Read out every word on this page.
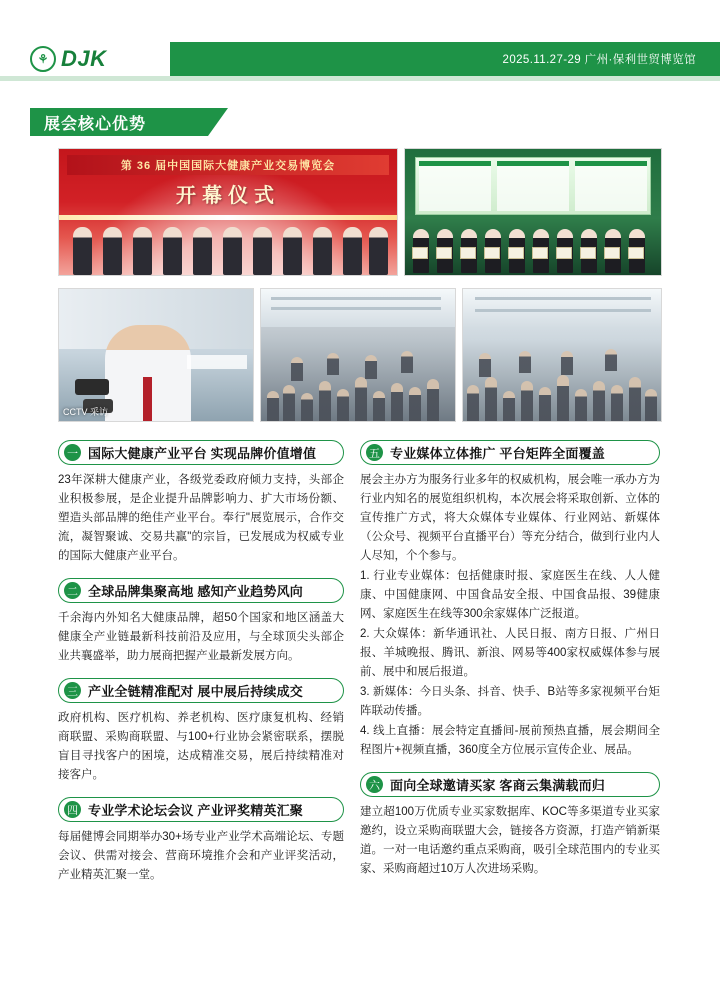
⚘ DJK	2025.11.27-29 广州·保利世贸博览馆
展会核心优势
第 36 届中国国际大健康产业交易博览会
开幕仪式
CCTV 采访
一 国际大健康产业平台 实现品牌价值增值

23年深耕大健康产业，各级党委政府倾力支持，头部企业积极参展，是企业提升品牌影响力、扩大市场份额、塑造头部品牌的绝佳产业平台。奉行"展览展示，合作交流，凝智聚诚、交易共赢"的宗旨，已发展成为权威专业的国际大健康产业平台。

二 全球品牌集聚高地 感知产业趋势风向

千余海内外知名大健康品牌，超50个国家和地区涵盖大健康全产业链最新科技前沿及应用，与全球顶尖头部企业共襄盛举，助力展商把握产业最新发展方向。

三 产业全链精准配对 展中展后持续成交

政府机构、医疗机构、养老机构、医疗康复机构、经销商联盟、采购商联盟、与100+行业协会紧密联系，摆脱盲目寻找客户的困境，达成精准交易，展后持续精准对接客户。

四 专业学术论坛会议 产业评奖精英汇聚

每届健博会同期举办30+场专业产业学术高端论坛、专题会议、供需对接会、营商环境推介会和产业评奖活动，产业精英汇聚一堂。

五 专业媒体立体推广 平台矩阵全面覆盖

展会主办方为服务行业多年的权威机构，展会唯一承办方为行业内知名的展览组织机构，本次展会将采取创新、立体的宣传推广方式，将大众媒体专业媒体、行业网站、新媒体（公众号、视频平台直播平台）等充分结合，做到行业内人人尽知，个个参与。

1. 行业专业媒体：包括健康时报、家庭医生在线、人人健康、中国健康网、中国食品安全报、中国食品报、39健康网、家庭医生在线等300余家媒体广泛报道。

2. 大众媒体：新华通讯社、人民日报、南方日报、广州日报、羊城晚报、腾讯、新浪、网易等400家权威媒体参与展前、展中和展后报道。

3. 新媒体：今日头条、抖音、快手、B站等多家视频平台矩阵联动传播。

4. 线上直播：展会特定直播间-展前预热直播，展会期间全程图片+视频直播，360度全方位展示宣传企业、展品。

六 面向全球邀请买家 客商云集满载而归

建立超100万优质专业买家数据库、KOC等多渠道专业买家邀约，设立采购商联盟大会，链接各方资源，打造产销新渠道。一对一电话邀约重点采购商，吸引全球范围内的专业买家、采购商超过10万人次进场采购。
